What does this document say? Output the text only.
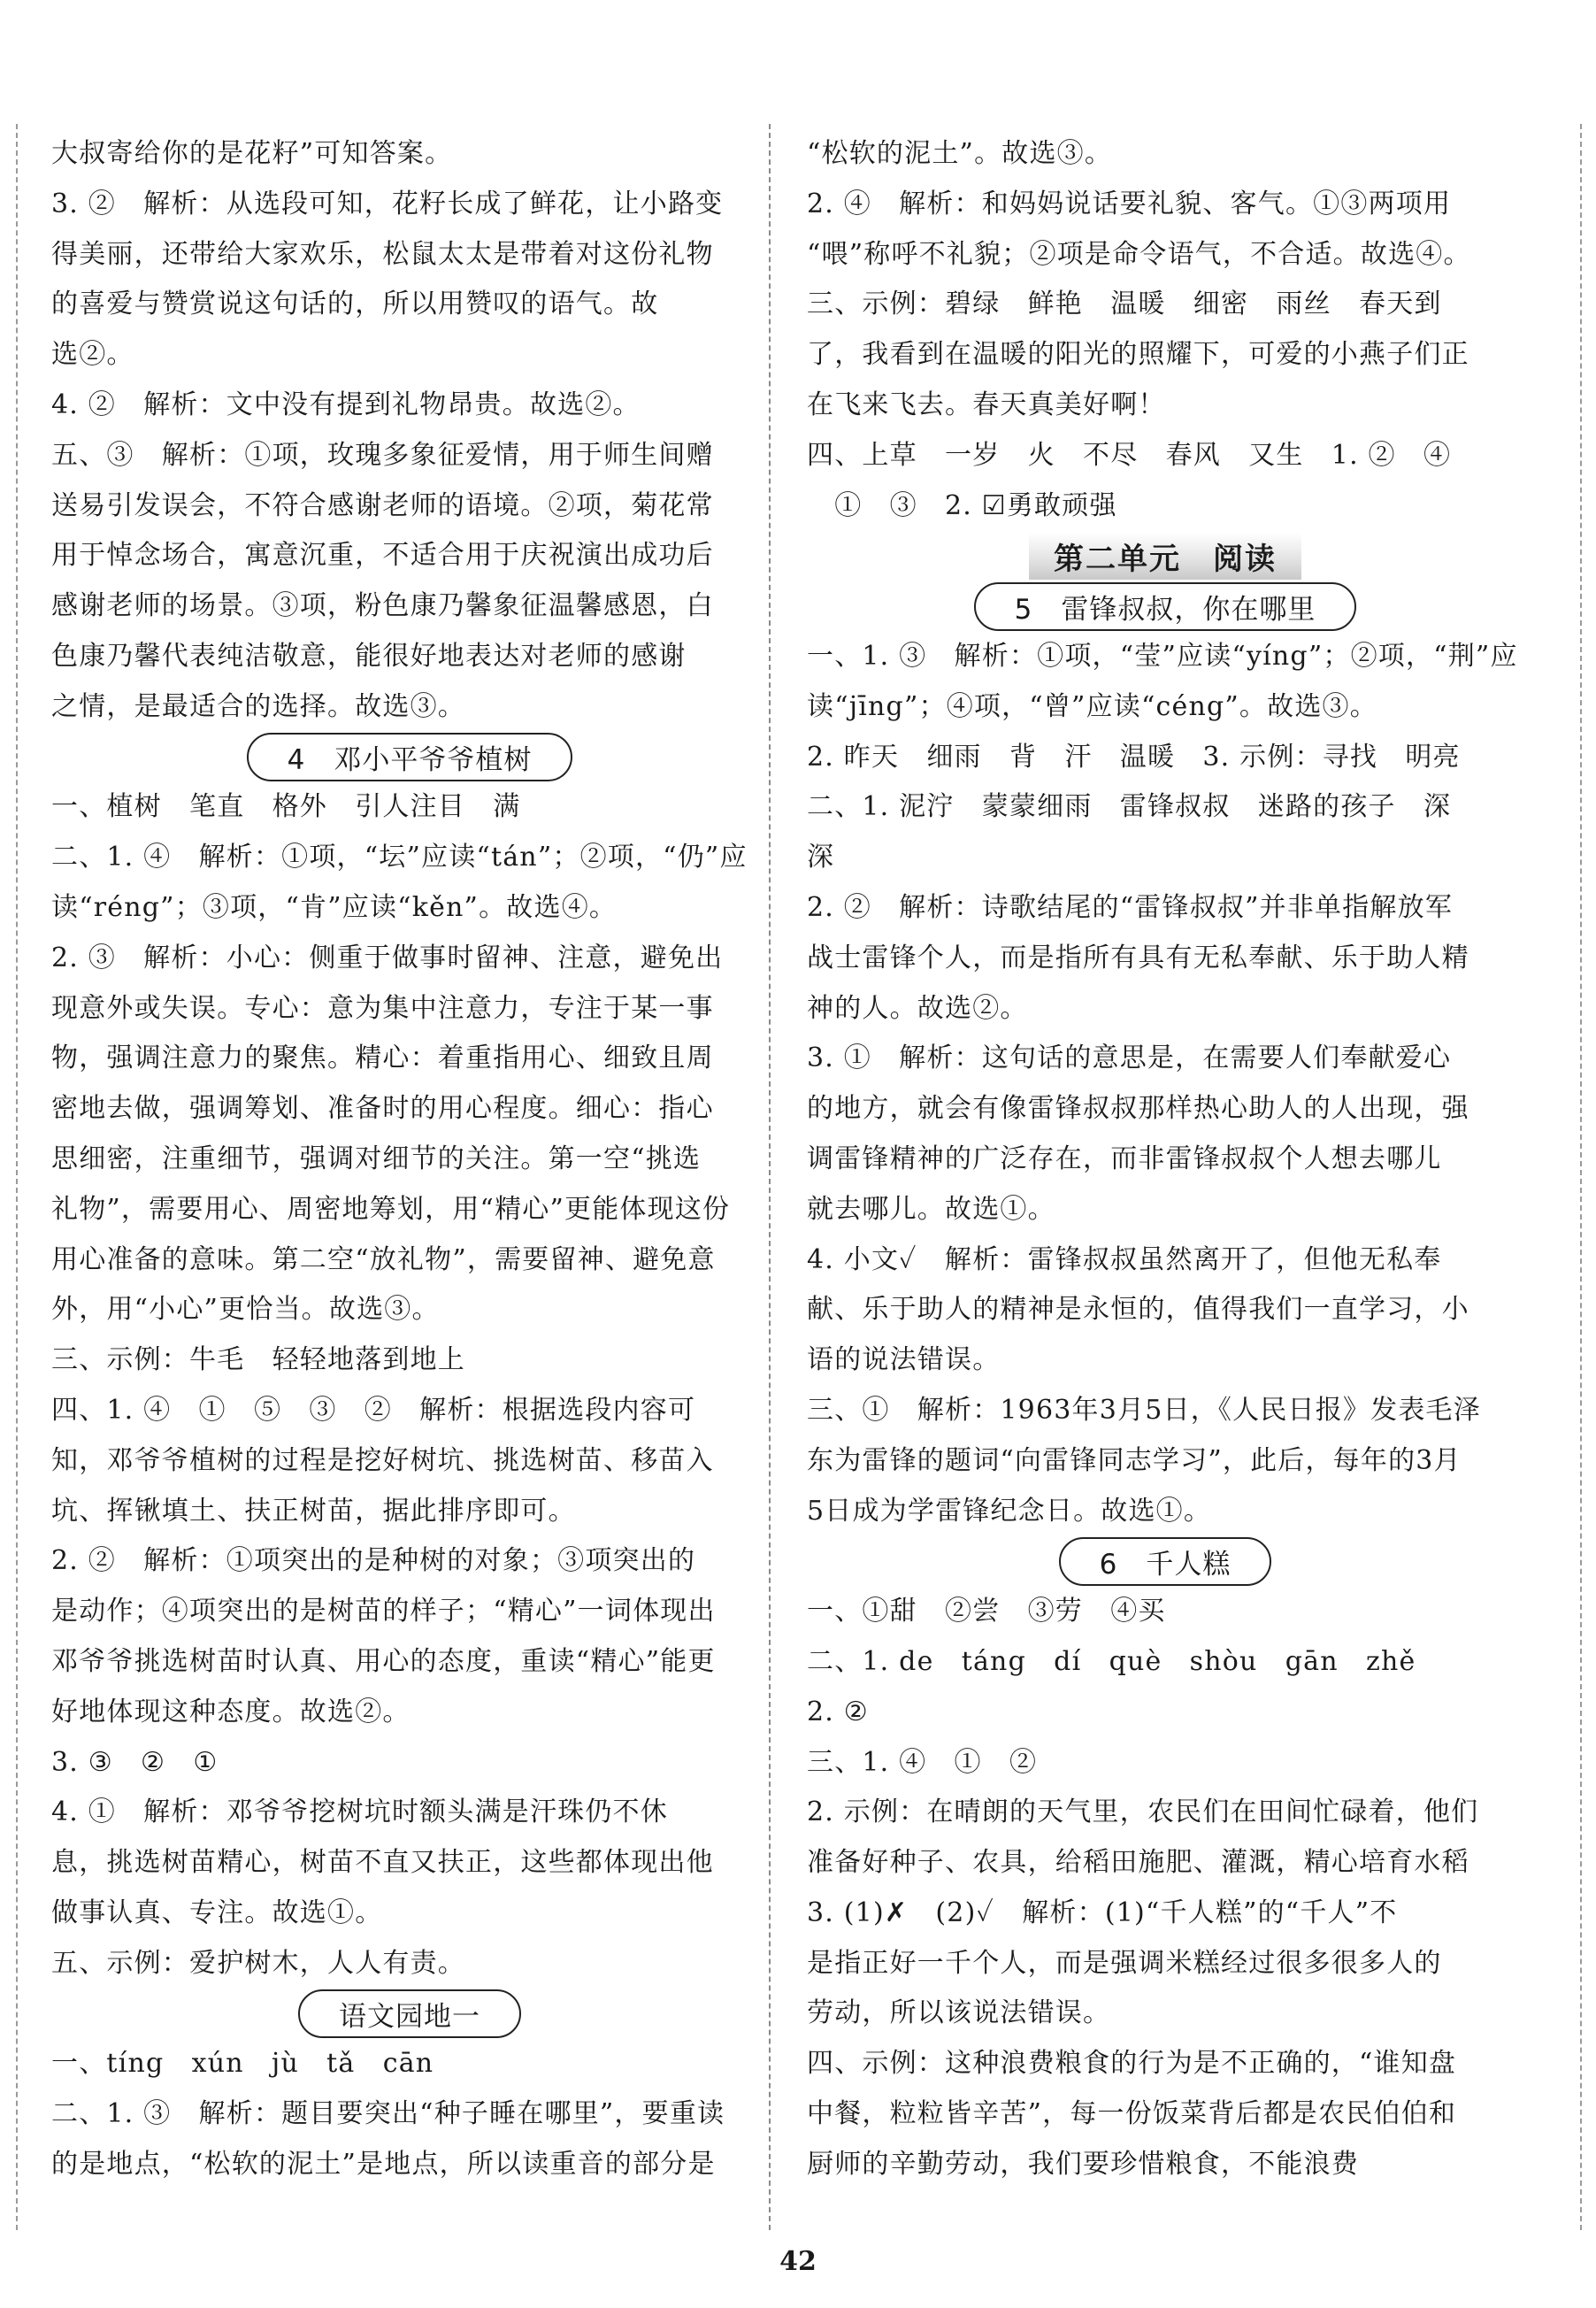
大叔寄给你的是花籽”可知答案。
3. ②　解析：从选段可知，花籽长成了鲜花，让小路变
得美丽，还带给大家欢乐，松鼠太太是带着对这份礼物
的喜爱与赞赏说这句话的，所以用赞叹的语气。故
选②。
4. ②　解析：文中没有提到礼物昂贵。故选②。
五、③　解析：①项，玫瑰多象征爱情，用于师生间赠
送易引发误会，不符合感谢老师的语境。②项，菊花常
用于悼念场合，寓意沉重，不适合用于庆祝演出成功后
感谢老师的场景。③项，粉色康乃馨象征温馨感恩，白
色康乃馨代表纯洁敬意，能很好地表达对老师的感谢
之情，是最适合的选择。故选③。
4　邓小平爷爷植树
一、植树　笔直　格外　引人注目　满
二、1. ④　解析：①项，“坛”应读“tán”；②项，“仍”应
读“réng”；③项，“肯”应读“kěn”。故选④。
2. ③　解析：小心：侧重于做事时留神、注意，避免出
现意外或失误。专心：意为集中注意力，专注于某一事
物，强调注意力的聚焦。精心：着重指用心、细致且周
密地去做，强调筹划、准备时的用心程度。细心：指心
思细密，注重细节，强调对细节的关注。第一空“挑选
礼物”，需要用心、周密地筹划，用“精心”更能体现这份
用心准备的意味。第二空“放礼物”，需要留神、避免意
外，用“小心”更恰当。故选③。
三、示例：牛毛　轻轻地落到地上
四、1. ④　①　⑤　③　②　解析：根据选段内容可
知，邓爷爷植树的过程是挖好树坑、挑选树苗、移苗入
坑、挥锹填土、扶正树苗，据此排序即可。
2. ②　解析：①项突出的是种树的对象；③项突出的
是动作；④项突出的是树苗的样子；“精心”一词体现出
邓爷爷挑选树苗时认真、用心的态度，重读“精心”能更
好地体现这种态度。故选②。
3. ③　②　①
4. ①　解析：邓爷爷挖树坑时额头满是汗珠仍不休
息，挑选树苗精心，树苗不直又扶正，这些都体现出他
做事认真、专注。故选①。
五、示例：爱护树木，人人有责。
语文园地一
一、tíng　xún　jù　tǎ　cān
二、1. ③　解析：题目要突出“种子睡在哪里”，要重读
的是地点，“松软的泥土”是地点，所以读重音的部分是
“松软的泥土”。故选③。
2. ④　解析：和妈妈说话要礼貌、客气。①③两项用
“喂”称呼不礼貌；②项是命令语气，不合适。故选④。
三、示例：碧绿　鲜艳　温暖　细密　雨丝　春天到
了，我看到在温暖的阳光的照耀下，可爱的小燕子们正
在飞来飞去。春天真美好啊！
四、上草　一岁　火　不尽　春风　又生　1. ②　④
　①　③　2. ☑勇敢顽强
第二单元　阅读
5　雷锋叔叔，你在哪里
一、1. ③　解析：①项，“莹”应读“yíng”；②项，“荆”应
读“jīng”；④项，“曾”应读“céng”。故选③。
2. 昨天　细雨　背　汗　温暖　3. 示例：寻找　明亮
二、1. 泥泞　蒙蒙细雨　雷锋叔叔　迷路的孩子　深
深
2. ②　解析：诗歌结尾的“雷锋叔叔”并非单指解放军
战士雷锋个人，而是指所有具有无私奉献、乐于助人精
神的人。故选②。
3. ①　解析：这句话的意思是，在需要人们奉献爱心
的地方，就会有像雷锋叔叔那样热心助人的人出现，强
调雷锋精神的广泛存在，而非雷锋叔叔个人想去哪儿
就去哪儿。故选①。
4. 小文✓　解析：雷锋叔叔虽然离开了，但他无私奉
献、乐于助人的精神是永恒的，值得我们一直学习，小
语的说法错误。
三、①　解析：1963年3月5日，《人民日报》发表毛泽
东为雷锋的题词“向雷锋同志学习”，此后，每年的3月
5日成为学雷锋纪念日。故选①。
6　千人糕
一、①甜　②尝　③劳　④买
二、1. de　táng　dí　què　shòu　gān　zhě
2. ②
三、1. ④　①　②
2. 示例：在晴朗的天气里，农民们在田间忙碌着，他们
准备好种子、农具，给稻田施肥、灌溉，精心培育水稻
3. (1)✗　(2)✓　解析：(1)“千人糕”的“千人”不
是指正好一千个人，而是强调米糕经过很多很多人的
劳动，所以该说法错误。
四、示例：这种浪费粮食的行为是不正确的，“谁知盘
中餐，粒粒皆辛苦”，每一份饭菜背后都是农民伯伯和
厨师的辛勤劳动，我们要珍惜粮食，不能浪费
42
